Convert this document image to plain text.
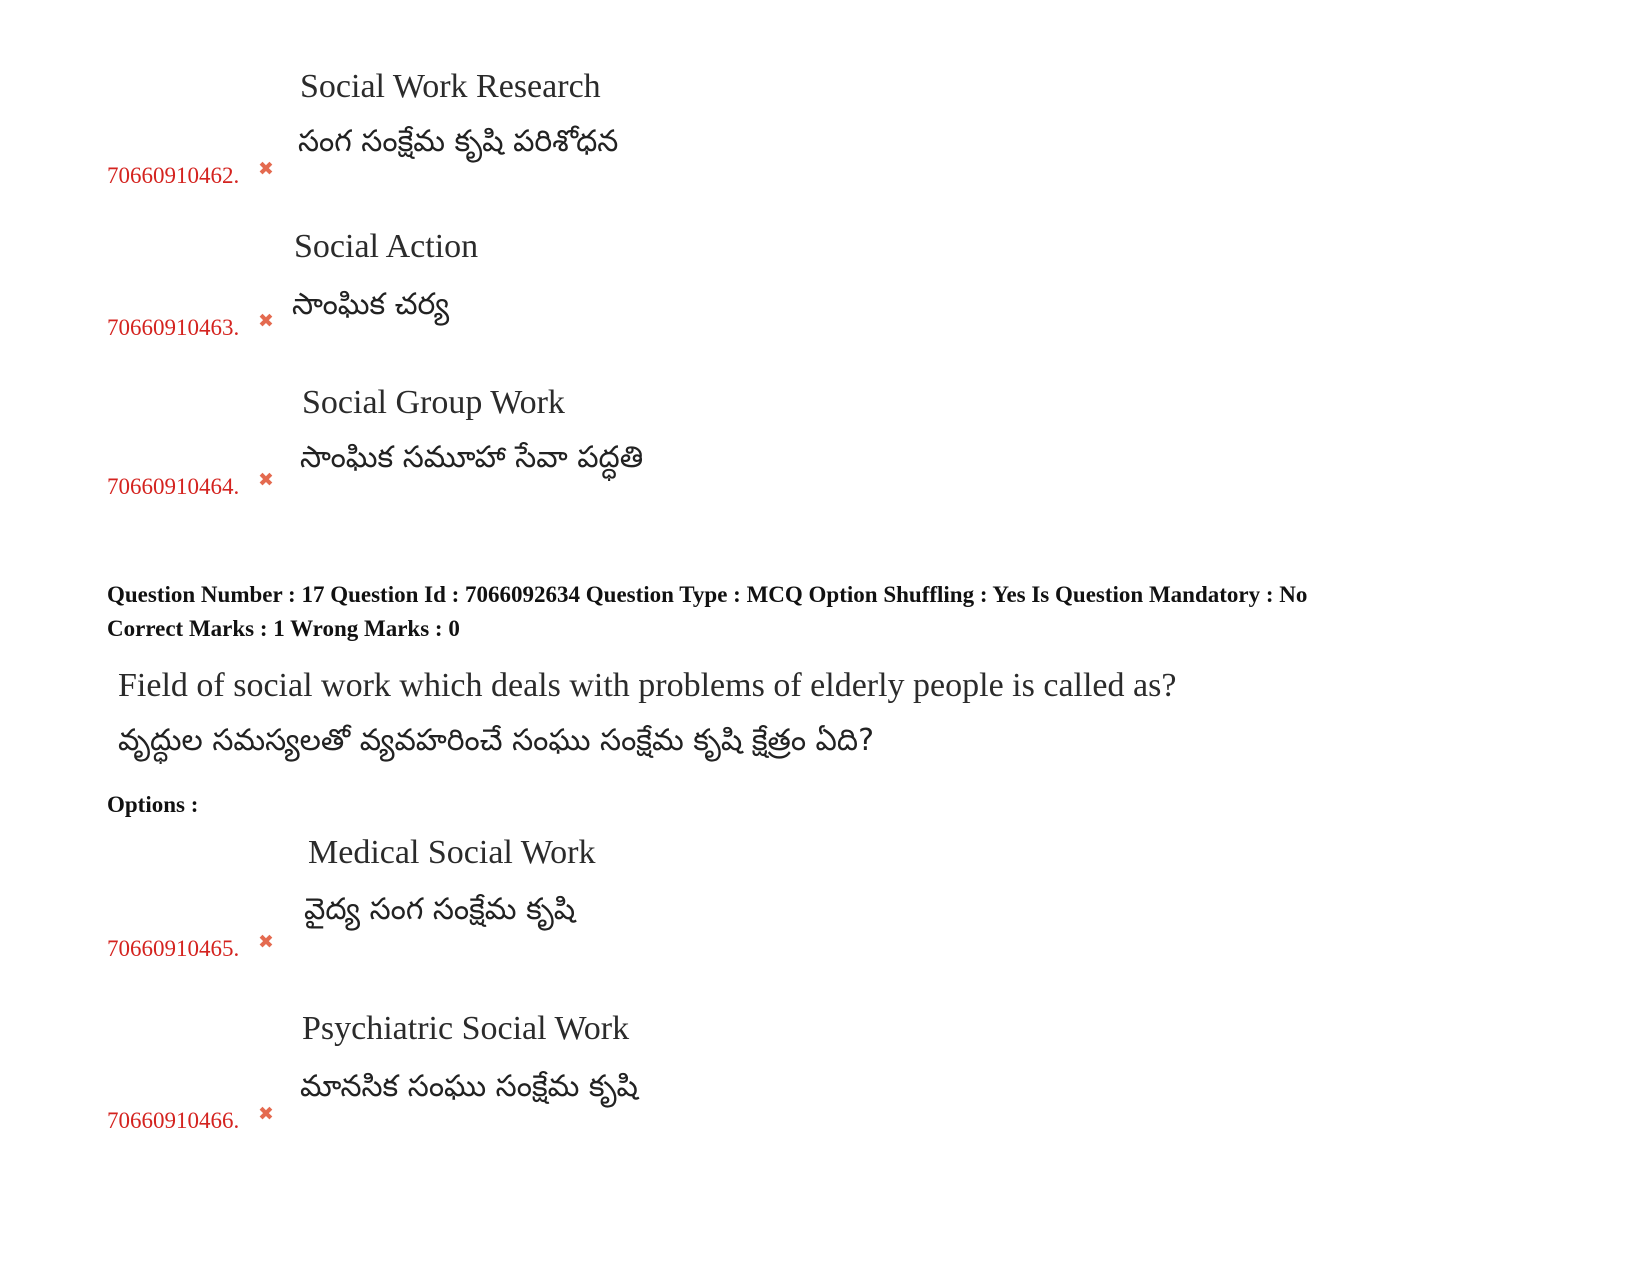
Social Work Research
సంగ సంక్షేమ కృషి పరిశోధన
70660910462. ✖
Social Action
సాంఘిక చర్య
70660910463. ✖
Social Group Work
సాంఘిక సమూహా సేవా పద్ధతి
70660910464. ✖
Question Number : 17 Question Id : 7066092634 Question Type : MCQ Option Shuffling : Yes Is Question Mandatory : No
Correct Marks : 1 Wrong Marks : 0
Field of social work which deals with problems of elderly people is called as?
వృద్ధుల సమస్యలతో వ్యవహరించే సంఘు సంక్షేమ కృషి క్షేత్రం ఏది?
Options :
Medical Social Work
వైద్య సంగ సంక్షేమ కృషి
70660910465. ✖
Psychiatric Social Work
మానసిక సంఘు సంక్షేమ కృషి
70660910466. ✖
